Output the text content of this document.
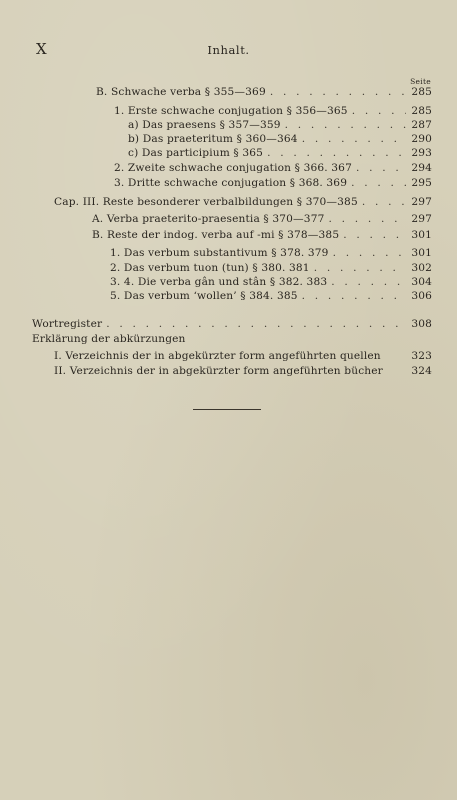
X	Inhalt.
Seite
B. Schwache verba § 355—369 . . .	285
1. Erste schwache conjugation § 356—365 . . .	285
a) Das praesens § 357—359 . . .	287
b) Das praeteritum § 360—364 . . .	290
c) Das participium § 365 . . .	293
2. Zweite schwache conjugation § 366. 367 . . .	294
3. Dritte schwache conjugation § 368. 369 . . .	295
Cap. III. Reste besonderer verbalbildungen § 370—385 . . .	297
A. Verba praeterito-praesentia § 370—377 . . .	297
B. Reste der indog. verba auf -mi § 378—385 . . .	301
1. Das verbum substantivum § 378. 379 . . .	301
2. Das verbum tuon (tun) § 380. 381 . . .	302
3. 4. Die verba gân und stân § 382. 383 . . .	304
5. Das verbum ‘wollen’ § 384. 385 . . .	306
Wortregister . . .	308
Erklärung der abkürzungen
I. Verzeichnis der in abgekürzter form angeführten quellen	323
II. Verzeichnis der in abgekürzter form angeführten bücher	324
